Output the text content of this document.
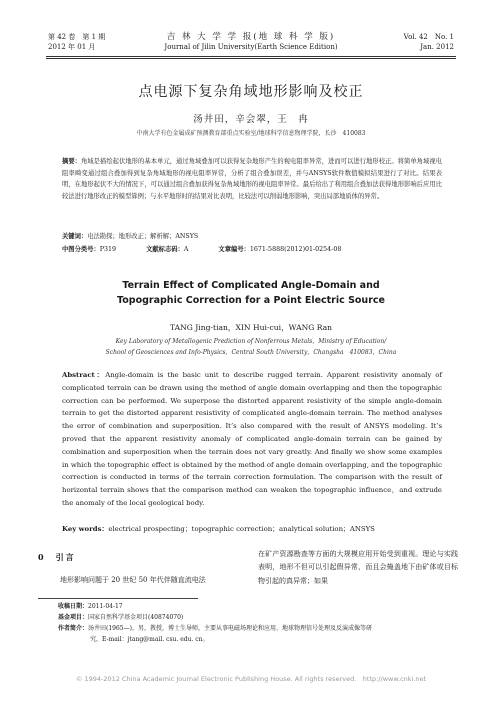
第 42 卷　第 1 期
2012 年 01 月
吉 林 大 学 学 报(地 球 科 学 版)
Journal of Jilin University(Earth Science Edition)
Vol. 42　No. 1
Jan. 2012
点电源下复杂角域地形影响及校正
汤井田，辛会翠，王　冉
中南大学有色金属成矿预测教育部重点实验室/地球科学信息物理学院，长沙　410083
摘要：角域是描绘起伏地形的基本单元，通过角域叠加可以获得复杂地形产生的视电阻率异常，进而可以进行地形校正。将简单角域视电阻率畸变通过组合叠加得到复杂角域地形的视电阻率异常，分析了组合叠加误差，并与ANSYS软件数值模拟结果进行了对比。结果表明，在地形起伏不大的情况下，可以通过组合叠加获得复杂角域地形的视电阻率异常。最后给出了利用组合叠加法获得地形影响后应用比较法进行地形改正的模型算例；与水平地形时的结果对比表明，比较法可以削弱地形影响，突出局部地质体的异常。
关键词：电法勘探；地形改正；解析解；ANSYS
中图分类号：P319	文献标志码：A	文章编号：1671-5888(2012)01-0254-08
Terrain Effect of Complicated Angle-Domain and
Topographic Correction for a Point Electric Source
TANG Jing-tian，XIN Hui-cui，WANG Ran
Key Laboratory of Metallogenic Prediction of Nonferrous Metals，Ministry of Education/
School of Geosciences and Info-Physics，Central South University，Changsha　410083，China
Abstract：Angle-domain is the basic unit to describe rugged terrain. Apparent resistivity anomaly of complicated terrain can be drawn using the method of angle domain overlapping and then the topographic correction can be performed. We superpose the distorted apparent resistivity of the simple angle-domain terrain to get the distorted apparent resistivity of complicated angle-domain terrain. The method analyses the error of combination and superposition. It’s also compared with the result of ANSYS modeling. It’s proved that the apparent resistivity anomaly of complicated angle-domain terrain can be gained by combination and superposition when the terrain does not vary greatly. And finally we show some examples in which the topographic effect is obtained by the method of angle domain overlapping, and the topographic correction is conducted in terms of the terrain correction formulation. The comparison with the result of horizontal terrain shows that the comparison method can weaken the topographic influence，and extrude the anomaly of the local geological body.
Key words：electrical prospecting；topographic correction；analytical solution；ANSYS
0　 引言
地形影响问题于 20 世纪 50 年代伴随直流电法
在矿产资源勘查等方面的大规模应用开始受到重视。理论与实践表明，地形不但可以引起假异常，而且会掩盖地下由矿体或目标物引起的真异常；如果
收稿日期：2011-04-17
基金项目：国家自然科学基金项目(40874070)
作者简介：汤井田(1965—)，男，教授，博士生导师，主要从事电磁场理论和应用、地球物理信号处理及反演成像等研
究，E-mail：jtang@mail. csu. edu. cn。
© 1994-2012 China Academic Journal Electronic Publishing House. All rights reserved.　http://www.cnki.net
